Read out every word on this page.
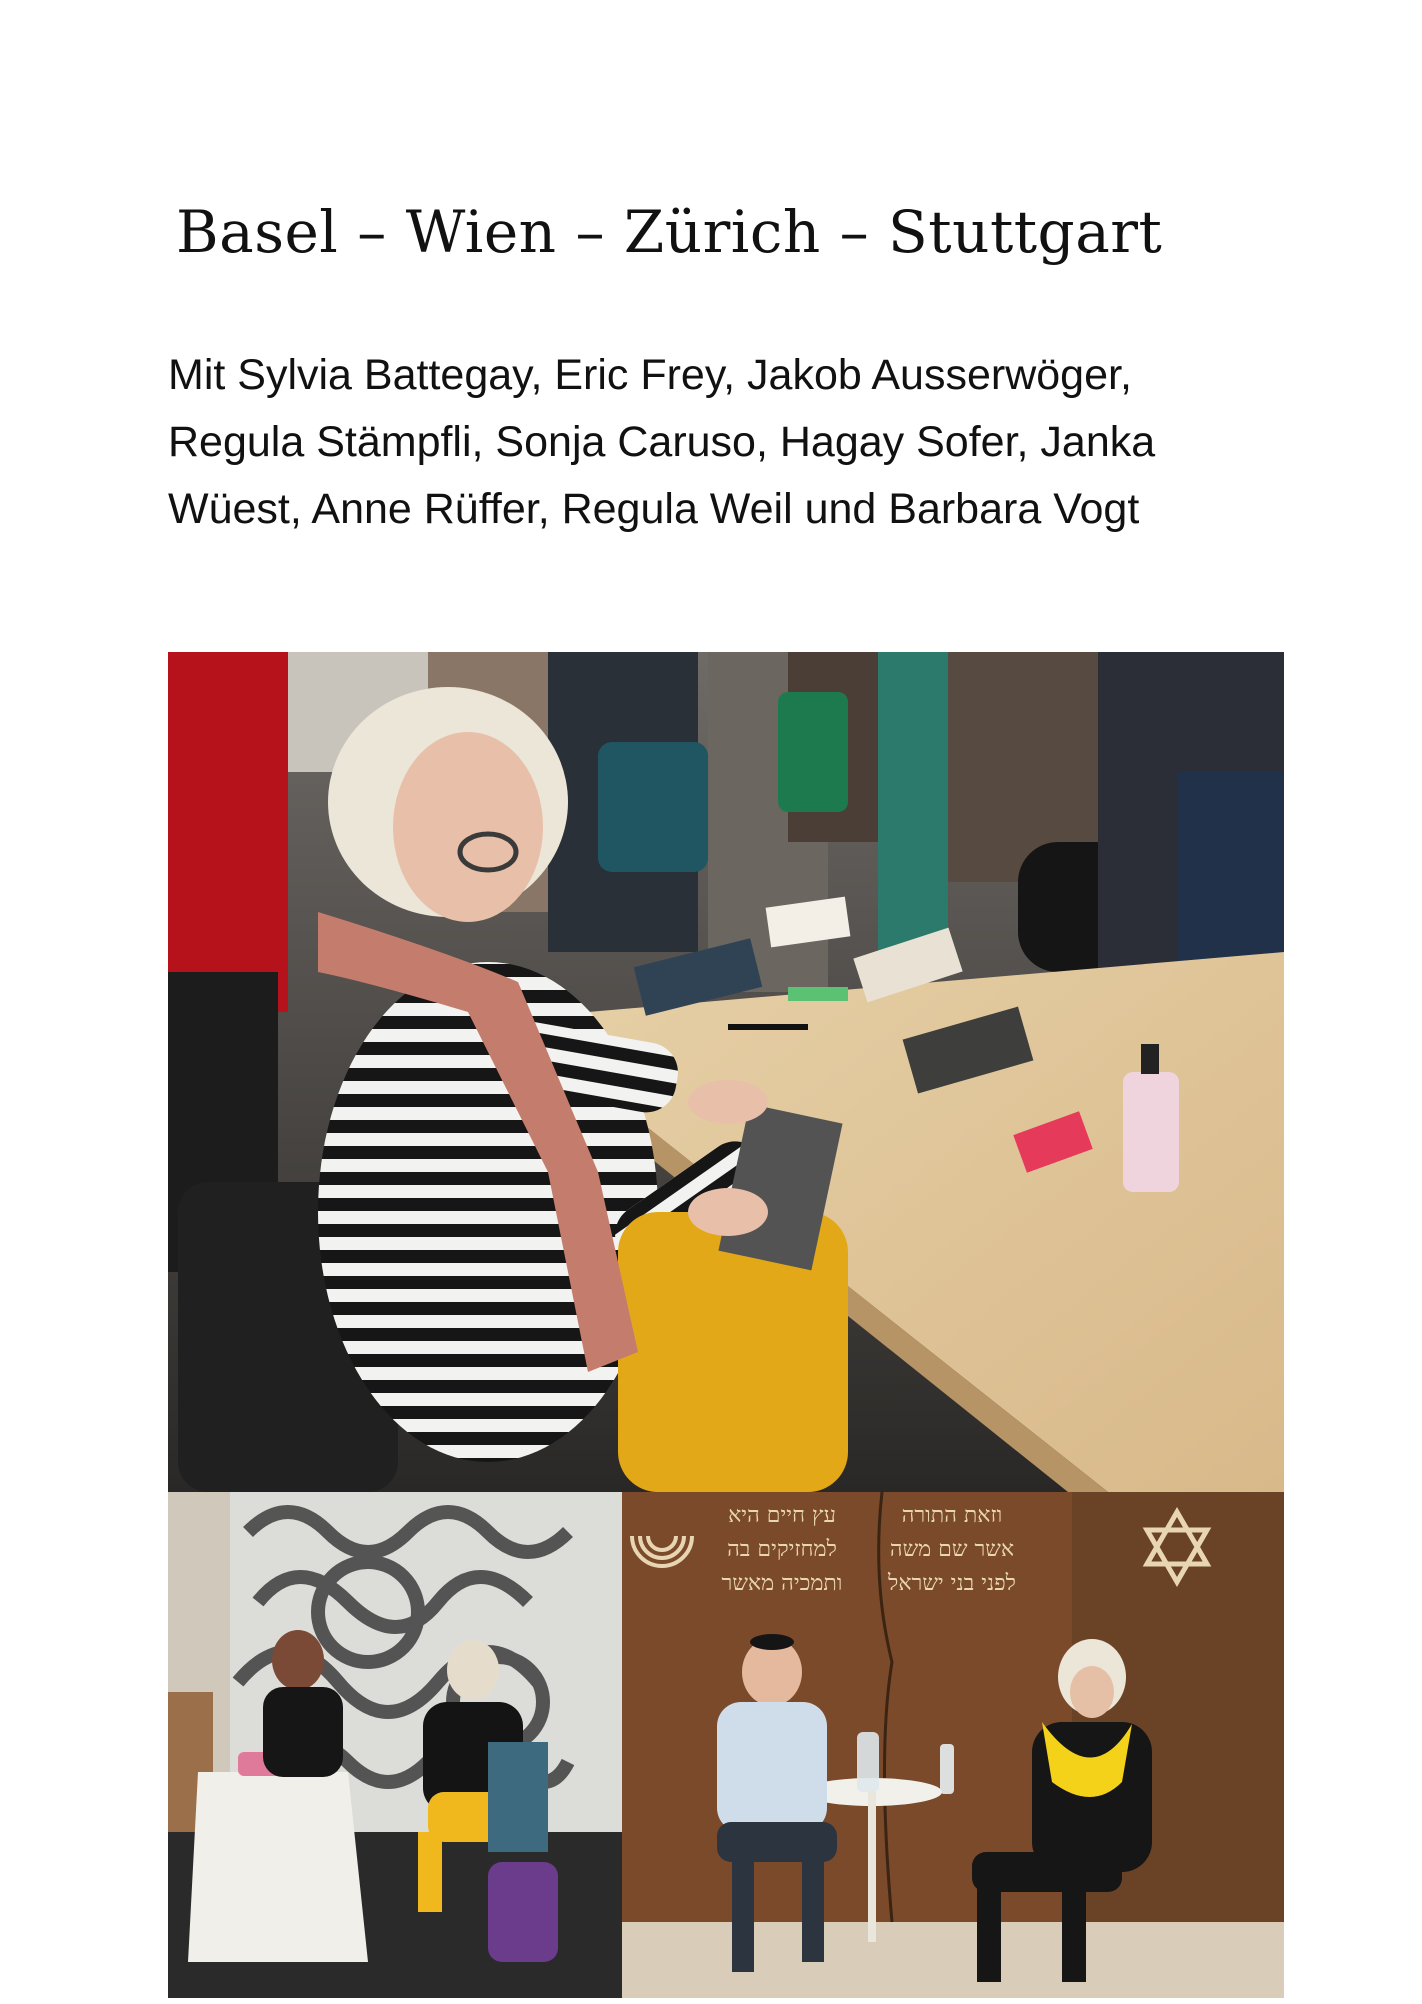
Basel – Wien – Zürich – Stuttgart
Mit Sylvia Battegay, Eric Frey, Jakob Ausserwöger,
Regula Stämpfli, Sonja Caruso, Hagay Sofer, Janka
Wüest, Anne Rüffer, Regula Weil und Barbara Vogt
וזאת התורה
אשר שם משה
לפני בני ישראל
עץ חיים היא
למחזיקים בה
ותמכיה מאשר
